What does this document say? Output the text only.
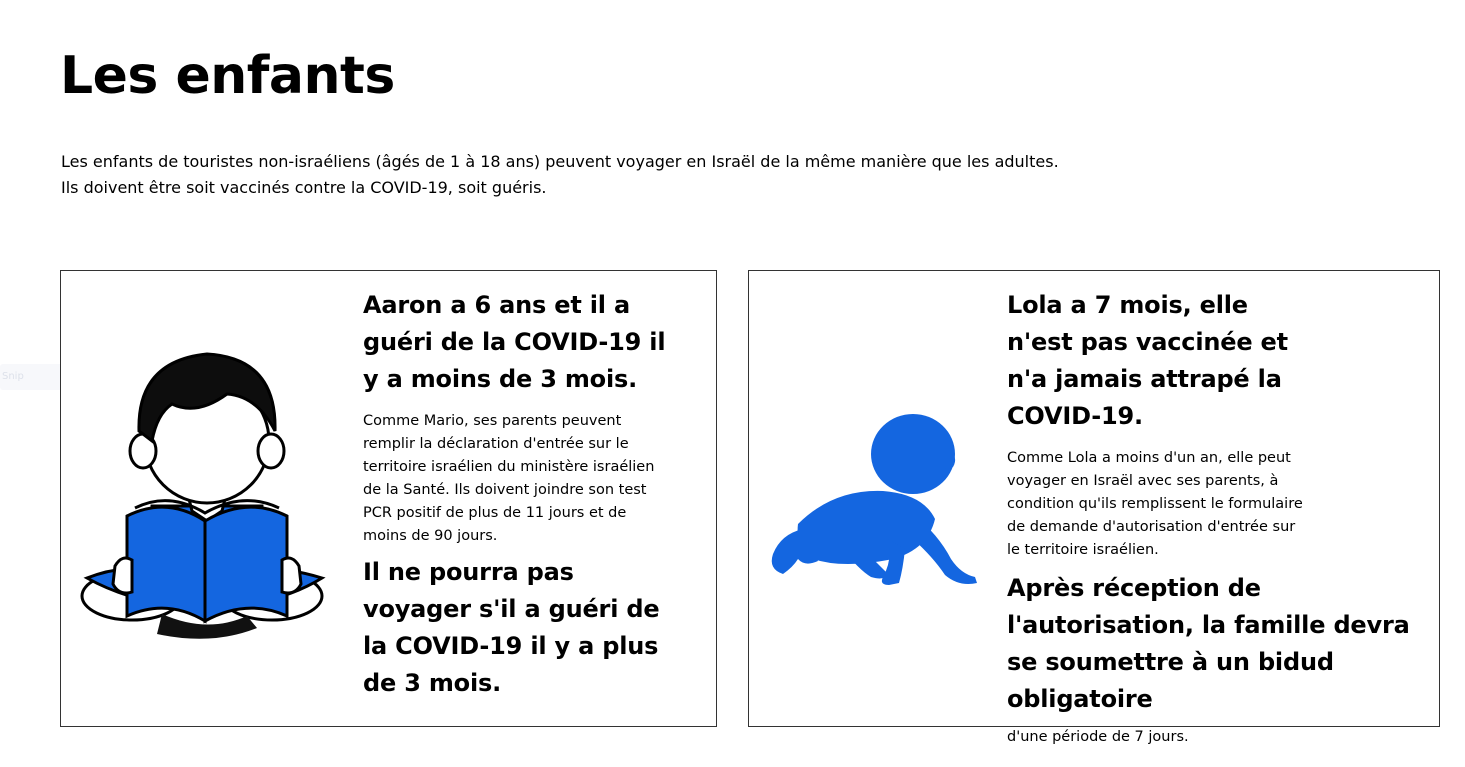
Les enfants

Les enfants de touristes non-israéliens (âgés de 1 à 18 ans) peuvent voyager en Israël de la même manière que les adultes.

Ils doivent être soit vaccinés contre la COVID-19, soit guéris.

Snip

Aaron a 6 ans et il a guéri de la COVID-19 il y a moins de 3 mois.

Comme Mario, ses parents peuvent remplir la déclaration d'entrée sur le territoire israélien du ministère israélien de la Santé. Ils doivent joindre son test PCR positif de plus de 11 jours et de moins de 90 jours.

Il ne pourra pas voyager s'il a guéri de la COVID-19 il y a plus de 3 mois.

Lola a 7 mois, elle n'est pas vaccinée et n'a jamais attrapé la COVID-19.

Comme Lola a moins d'un an, elle peut voyager en Israël avec ses parents, à condition qu'ils remplissent le formulaire de demande d'autorisation d'entrée sur le territoire israélien.

Après réception de l'autorisation, la famille devra se soumettre à un bidud obligatoire

d'une période de 7 jours.
